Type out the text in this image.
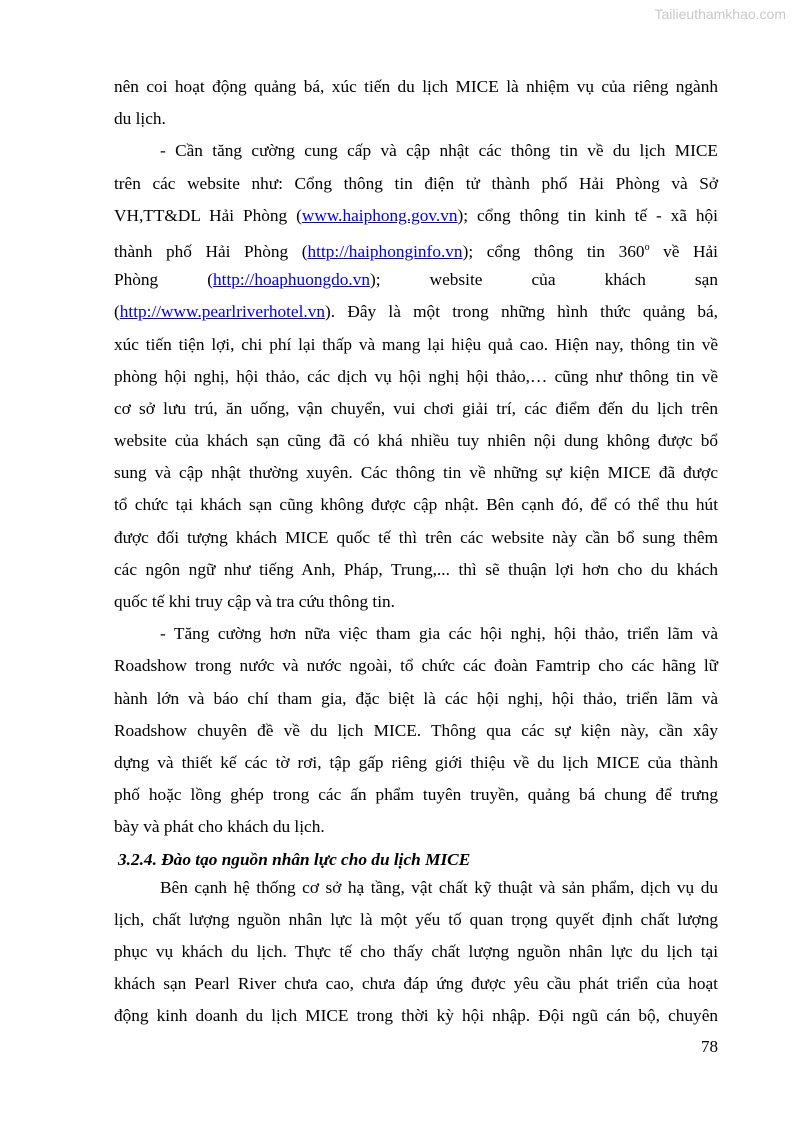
Tailieuthamkhao.com
nên coi hoạt động quảng bá, xúc tiến du lịch MICE là nhiệm vụ của riêng ngành
du lịch.
- Cần tăng cường cung cấp và cập nhật các thông tin về du lịch MICE
trên các website như: Cổng thông tin điện tử thành phố Hải Phòng và Sở
VH,TT&DL Hải Phòng (www.haiphong.gov.vn); cổng thông tin kinh tế - xã hội
thành phố Hải Phòng (http://haiphonginfo.vn); cổng thông tin 360$^o$ về Hải
Phòng	(http://hoaphuongdo.vn);	website	của	khách	sạn
(http://www.pearlriverhotel.vn). Đây là một trong những hình thức quảng bá,
xúc tiến tiện lợi, chi phí lại thấp và mang lại hiệu quả cao. Hiện nay, thông tin về
phòng hội nghị, hội thảo, các dịch vụ hội nghị hội thảo,… cũng như thông tin về
cơ sở lưu trú, ăn uống, vận chuyển, vui chơi giải trí, các điểm đến du lịch trên
website của khách sạn cũng đã có khá nhiều tuy nhiên nội dung không được bổ
sung và cập nhật thường xuyên. Các thông tin về những sự kiện MICE đã được
tổ chức tại khách sạn cũng không được cập nhật. Bên cạnh đó, để có thể thu hút
được đối tượng khách MICE quốc tế thì trên các website này cần bổ sung thêm
các ngôn ngữ như tiếng Anh, Pháp, Trung,... thì sẽ thuận lợi hơn cho du khách
quốc tế khi truy cập và tra cứu thông tin.
- Tăng cường hơn nữa việc tham gia các hội nghị, hội thảo, triển lãm và
Roadshow trong nước và nước ngoài, tổ chức các đoàn Famtrip cho các hãng lữ
hành lớn và báo chí tham gia, đặc biệt là các hội nghị, hội thảo, triển lãm và
Roadshow chuyên đề về du lịch MICE. Thông qua các sự kiện này, cần xây
dựng và thiết kế các tờ rơi, tập gấp riêng giới thiệu về du lịch MICE của thành
phố hoặc lồng ghép trong các ấn phẩm tuyên truyền, quảng bá chung để trưng
bày và phát cho khách du lịch.
3.2.4. Đào tạo nguồn nhân lực cho du lịch MICE
Bên cạnh hệ thống cơ sở hạ tầng, vật chất kỹ thuật và sản phẩm, dịch vụ du
lịch, chất lượng nguồn nhân lực là một yếu tố quan trọng quyết định chất lượng
phục vụ khách du lịch. Thực tế cho thấy chất lượng nguồn nhân lực du lịch tại
khách sạn Pearl River chưa cao, chưa đáp ứng được yêu cầu phát triển của hoạt
động kinh doanh du lịch MICE trong thời kỳ hội nhập. Đội ngũ cán bộ, chuyên
78
